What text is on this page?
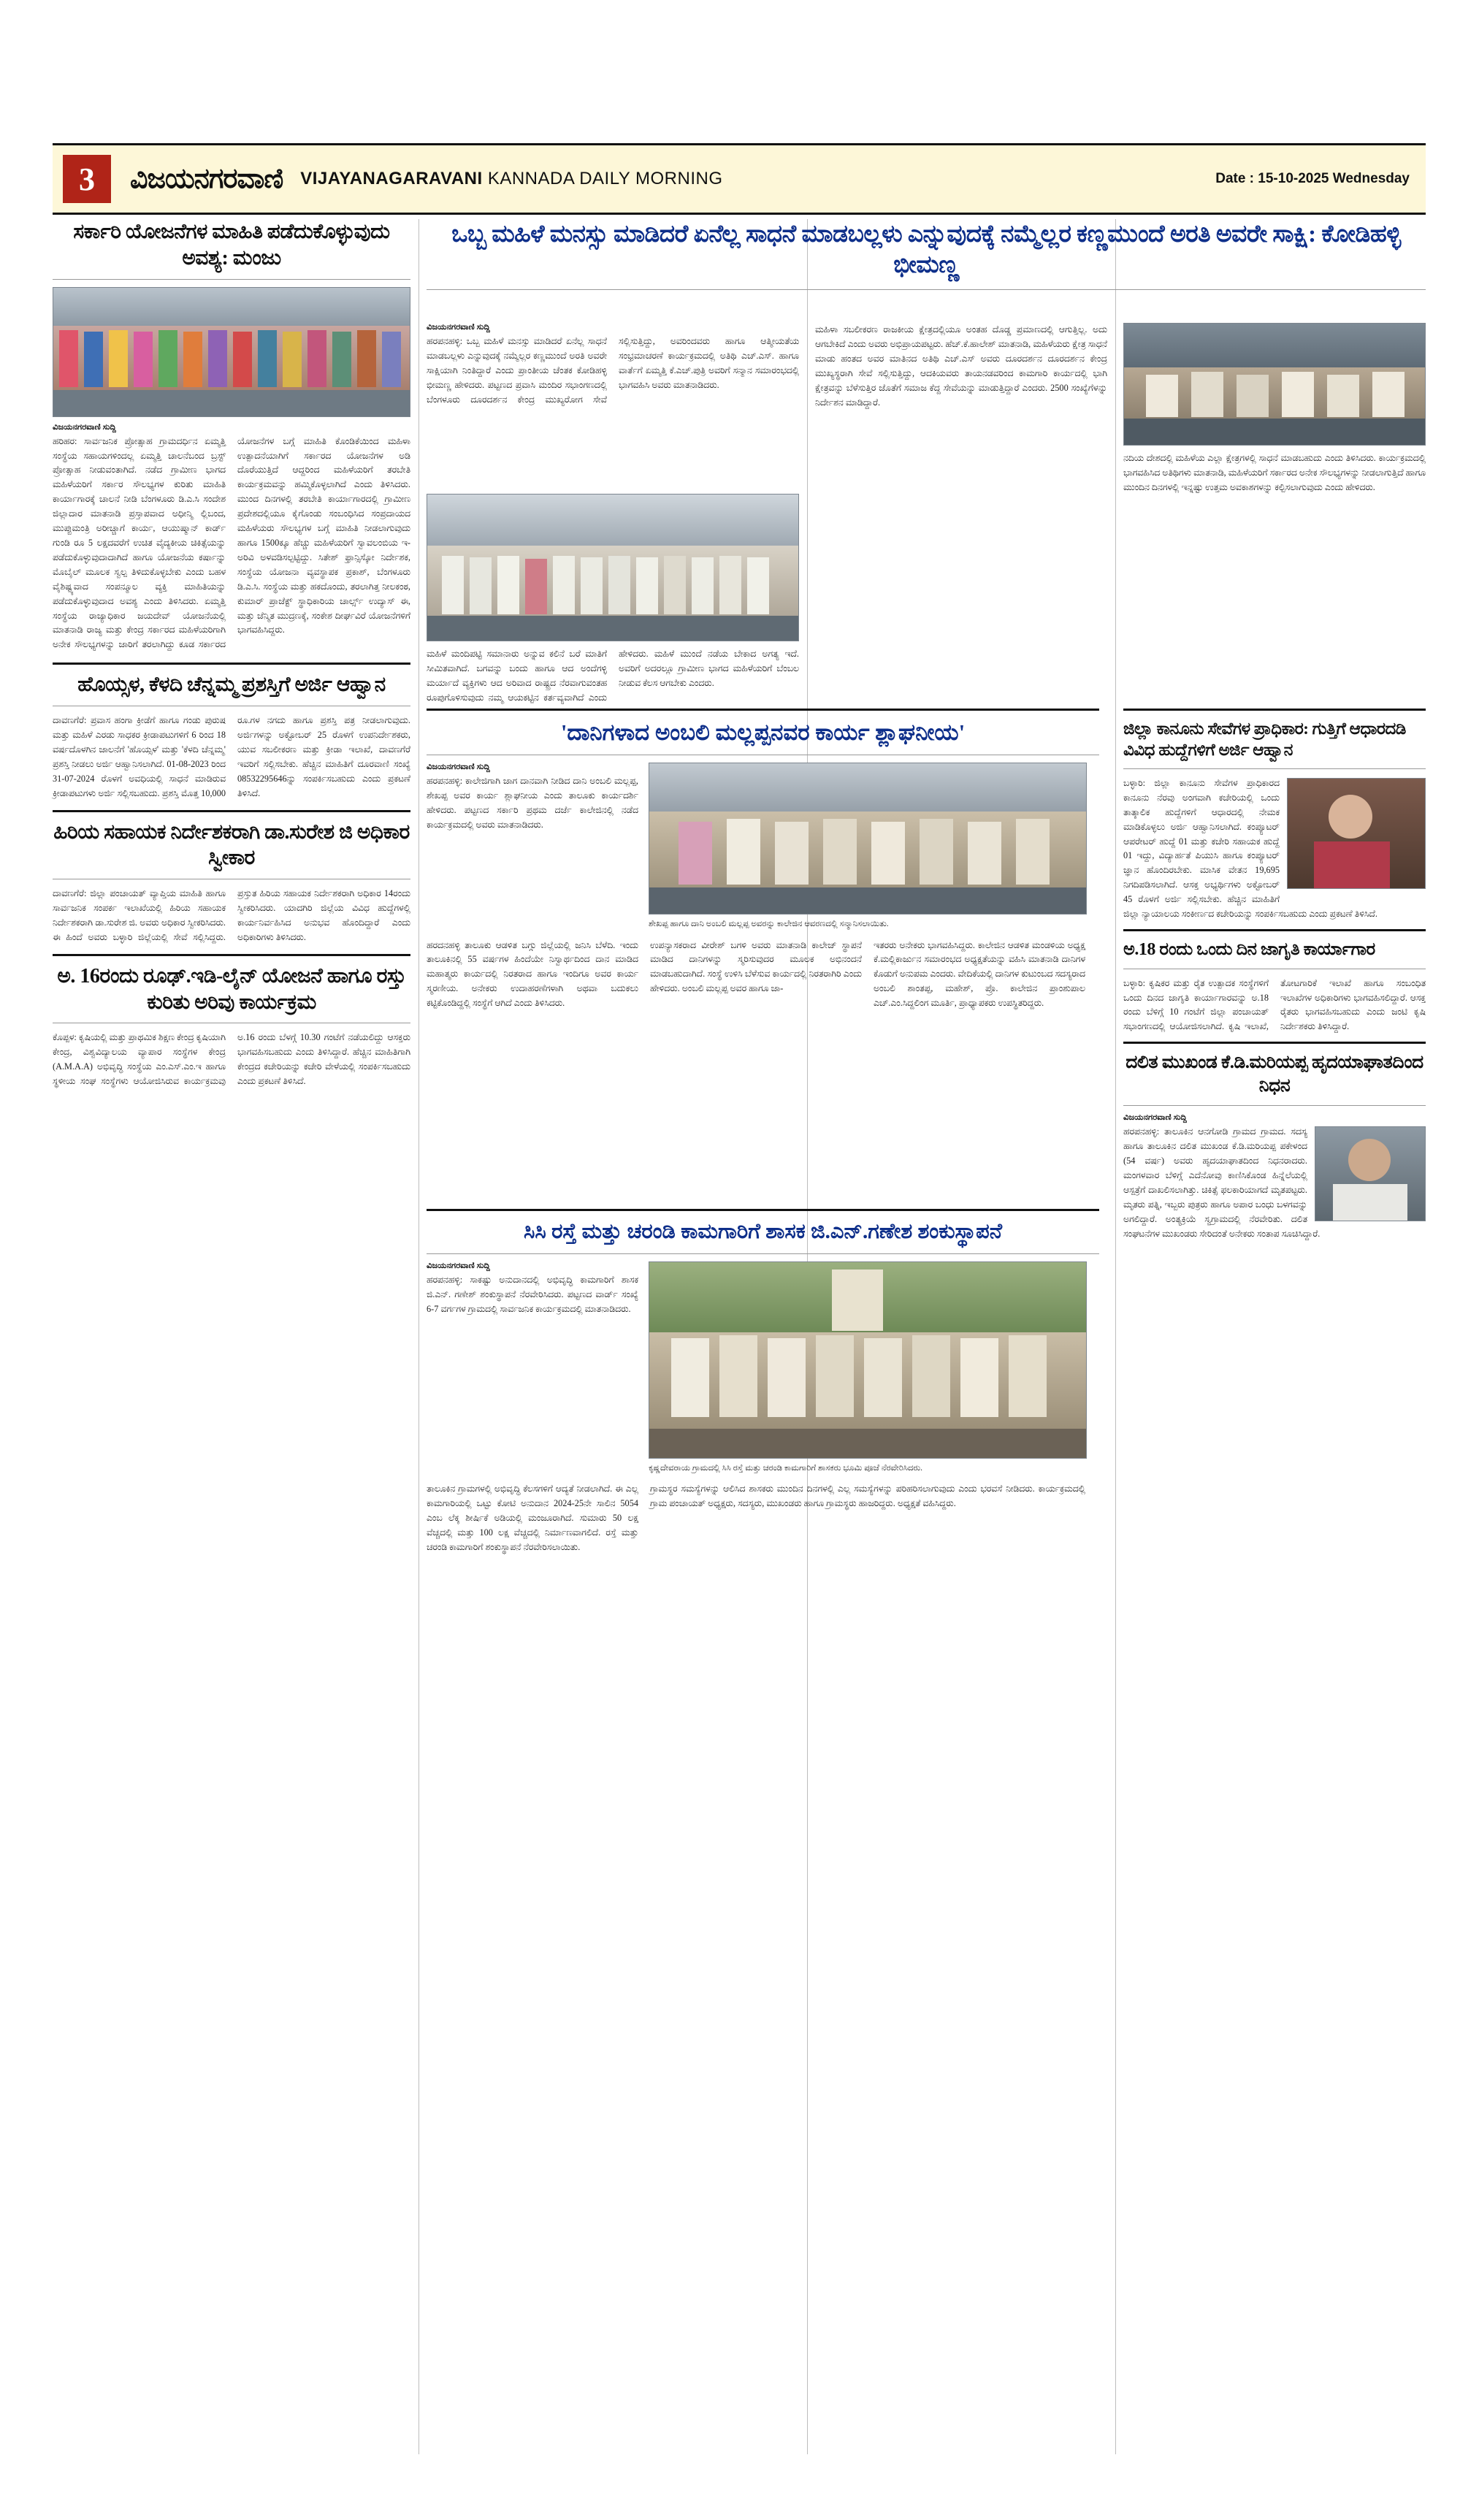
3	ವಿಜಯನಗರವಾಣಿ VIJAYANAGARAVANI KANNADA DAILY MORNING	Date : 15-10-2025 Wednesday
ಸರ್ಕಾರಿ ಯೋಜನೆಗಳ ಮಾಹಿತಿ ಪಡೆದುಕೊಳ್ಳುವುದು ಅವಶ್ಯ: ಮಂಜು
ವಿಜಯನಗರವಾಣಿ ಸುದ್ದಿ
ಹರಿಹರ: ಸಾರ್ವಜನಿಕ ಪ್ರೋತ್ಸಾಹ ಗ್ರಾಮದರ್ಧಿನ ಏಮ್ಮತ್ತಿ ಸಂಸ್ಥೆಯ ಸಹಾಯಗಳಿಂದಲ್ಲ ಏಮ್ಮತ್ತಿ ಚಾಲನೆಬಂದ ಬ್ರಸ್ಟ್ ಪ್ರೋತ್ಸಾಹ ನೀಡುವಂತಾಗಿದೆ. ನಡೆದ ಗ್ರಾಮೀಣ ಭಾಗದ ಮಹಿಳೆಯರಿಗೆ ಸರ್ಕಾರ ಸೌಲಭ್ಯಗಳ ಕುರಿತು ಮಾಹಿತಿ ಕಾರ್ಯಾಗಾರಕ್ಕೆ ಚಾಲನೆ ನೀಡಿ ಬೆಂಗಳೂರು ಡಿ.ಎ.ಸಿ ಸಂದೇಶ ಜಿಲ್ಲಾದಾರ ಮಾತನಾಡಿ ಪ್ರಸ್ತಾಪವಾದ ಅಧೀನ್ಮಿ ಲ್ಲಿಬಂದ, ಮುಪ್ಪುಮಂತ್ರಿ ಅರೀಚ್ಚಾಗೆ ಕಾರ್ಯ, ಆಯುಷ್ಮಾನ್ ಕಾರ್ಡ್ ಗುಂಡಿ ರೂ 5 ಲಕ್ಷದವರೆಗೆ ಉಚಿತ ವೈದ್ಯಕೀಯ ಚಿಕಿತ್ಸೆಯನ್ನು ಪಡೆದುಕೊಳ್ಳುವುದಾದಾಗಿದೆ ಹಾಗೂ ಯೋಜನೆಯ ಕರ್ಷಾನ್ನು ಮೊಬೈಲ್ ಮೂಲಕ ಸ್ವಲ್ಪ ತಿಳಿದುಕೊಳ್ಳಬೇಕು ಎಂದು ಬಹಳ ವೈಶಿಷ್ಟ್ಯವಾದ ಸಂಪನ್ಮೂಲ ವ್ಯಕ್ತಿ ಮಾಹಿತಿಯನ್ನು ಪಡೆದುಕೊಳ್ಳುವುದಾದ ಅವಶ್ಯ ಎಂದು ತಿಳಿಸಿದರು. ಏಮ್ಮತ್ತಿ ಸಂಸ್ಥೆಯ ರಾಜ್ಯಾಧಿಕಾರ ಜಯದೇವ್ ಯೋಜನೆಯಲ್ಲಿ ಮಾತನಾಡಿ ರಾಜ್ಯ ಮತ್ತು ಕೇಂದ್ರ ಸರ್ಕಾರದ ಮಹಿಳೆಯರಿಗಾಗಿ ಅನೇಕ ಸೌಲಭ್ಯಗಳನ್ನು ಜಾರಿಗೆ ತರಲಾಗಿದ್ದು ಕೂಡ ಸರ್ಕಾರದ ಯೋಜನೆಗಳ ಬಗ್ಗೆ ಮಾಹಿತಿ ಕೊಂಡಿಕೆಯಿಂದ ಮಹಿಳಾ ಉತ್ಪಾದನೆಯಾಗಿಗೆ ಸರ್ಕಾರದ ಯೋಜನೆಗಳ ಅಡಿ ದೊರೆಯುತ್ತಿದೆ ಆದ್ದರಿಂದ ಮಹಿಳೆಯರಿಗೆ ತರಬೇತಿ ಕಾರ್ಯಕ್ರಮವನ್ನು ಹಮ್ಮಿಕೊಳ್ಳಲಾಗಿದೆ ಎಂದು ತಿಳಿಸಿದರು. ಮುಂದ ದಿನಗಳಲ್ಲಿ ತರಬೇತಿ ಕಾರ್ಯಾಗಾರದಲ್ಲಿ ಗ್ರಾಮೀಣ ಪ್ರದೇಶದಲ್ಲಿಯೂ ಕೈಗೊಂಡು ಸಂಬಂಧಿಸಿದ ಸಂಪ್ರದಾಯದ ಮಹಿಳೆಯರು ಸೌಲಭ್ಯಗಳ ಬಗ್ಗೆ ಮಾಹಿತಿ ನೀಡಲಾಗುವುದು ಹಾಗೂ 1500ಕ್ಕೂ ಹೆಚ್ಚು ಮಹಿಳೆಯರಿಗೆ ಸ್ವಾವಲಂಬಿಯ ಇ- ಅರಿವಿ ಅಳವಡಿಸಲ್ಪಟ್ಟಿದ್ದು. ಸಿತೇಶ್ ಫ್ರಾನ್ಸಿಸ್ಕೋ ನಿರ್ದೇಶಕ, ಸಂಸ್ಥೆಯ ಯೋಜನಾ ವ್ಯವಸ್ಥಾಪಕ ಪ್ರಕಾಶ್, ಬೆಂಗಳೂರು ಡಿ.ಎ.ಸಿ. ಸಂಸ್ಥೆಯ ಮತ್ತು ಹಕದೊಂದು, ತರಲಾಗಿತ್ತ ನೀಲಕಂಠ, ಕುಮಾರ್ ಪ್ರಾಜೆಕ್ಟ್ ಸ್ಥಾಧಿಕಾರಿಯ ಚಾರ್ಲ್ಸ್ ಉದ್ಯಾಸ್ ಈ, ಮತ್ತು ಜೆನ್ಮಿತ ಮುದ್ರಣಕ್ಕೆ, ಸಂಕೇಶ ದೀರ್ಘವಿರೆ ಯೋಜನೆಗಳಿಗೆ ಭಾಗವಹಿಸಿದ್ದರು.
ಹೊಯ್ಸಳ, ಕೆಳದಿ ಚೆನ್ನಮ್ಮ ಪ್ರಶಸ್ತಿಗೆ ಅರ್ಜಿ ಆಹ್ವಾನ
ದಾವಣಗೆರೆ: ಪ್ರವಾಸ ಹಂಗಾ ಕ್ರೀಡೆಗೆ ಹಾಗೂ ಗಂಡು ಪುರುಷ ಮತ್ತು ಮಹಿಳೆ ಎರಡು ಸಾಧಕರ ಕ್ರೀಡಾಪಟುಗಳಿಗೆ 6 ರಿಂದ 18 ವರ್ಷದೊಳಗಿನ ಜಾಲನೆಗೆ 'ಹೊಯ್ಸಳ' ಮತ್ತು 'ಕೆಳದಿ ಚೆನ್ನಮ್ಮ' ಪ್ರಶಸ್ತಿ ನೀಡಲು ಅರ್ಜಿ ಆಹ್ವಾನಿಸಲಾಗಿದೆ. 01-08-2023 ರಿಂದ 31-07-2024 ರೊಳಗೆ ಅವಧಿಯಲ್ಲಿ ಸಾಧನೆ ಮಾಡಿರುವ ಕ್ರೀಡಾಪಟುಗಳು ಅರ್ಜಿ ಸಲ್ಲಿಸಬಹುದು. ಪ್ರಶಸ್ತಿ ಮೊತ್ತ 10,000 ರೂ.ಗಳ ನಗದು ಹಾಗೂ ಪ್ರಶಸ್ತಿ ಪತ್ರ ನೀಡಲಾಗುವುದು. ಅರ್ಜಿಗಳನ್ನು ಅಕ್ಟೋಬರ್ 25 ರೊಳಗೆ ಉಪನಿರ್ದೇಶಕರು, ಯುವ ಸಬಲೀಕರಣ ಮತ್ತು ಕ್ರೀಡಾ ಇಲಾಖೆ, ದಾವಣಗೆರೆ ಇವರಿಗೆ ಸಲ್ಲಿಸಬೇಕು. ಹೆಚ್ಚಿನ ಮಾಹಿತಿಗೆ ದೂರವಾಣಿ ಸಂಖ್ಯೆ 08532295646ನ್ನು ಸಂಪರ್ಕಿಸಬಹುದು ಎಂದು ಪ್ರಕಟಣೆ ತಿಳಿಸಿದೆ.
ಹಿರಿಯ ಸಹಾಯಕ ನಿರ್ದೇಶಕರಾಗಿ ಡಾ.ಸುರೇಶ ಜಿ ಅಧಿಕಾರ ಸ್ವೀಕಾರ
ದಾವಣಗೆರೆ: ಜಿಲ್ಲಾ ಪಂಚಾಯತ್ ವ್ಯಾಪ್ತಿಯ ಮಾಹಿತಿ ಹಾಗೂ ಸಾರ್ವಜನಿಕ ಸಂಪರ್ಕ ಇಲಾಖೆಯಲ್ಲಿ ಹಿರಿಯ ಸಹಾಯಕ ನಿರ್ದೇಶಕರಾಗಿ ಡಾ.ಸುರೇಶ ಜಿ. ಅವರು ಅಧಿಕಾರ ಸ್ವೀಕರಿಸಿದರು. ಈ ಹಿಂದೆ ಅವರು ಬಳ್ಳಾರಿ ಜಿಲ್ಲೆಯಲ್ಲಿ ಸೇವೆ ಸಲ್ಲಿಸಿದ್ದರು. ಪ್ರಸ್ತುತ ಹಿರಿಯ ಸಹಾಯಕ ನಿರ್ದೇಶಕರಾಗಿ ಅಧಿಕಾರ 14ರಂದು ಸ್ವೀಕರಿಸಿದರು. ಯಾದಗಿರಿ ಜಿಲ್ಲೆಯ ವಿವಿಧ ಹುದ್ದೆಗಳಲ್ಲಿ ಕಾರ್ಯನಿರ್ವಹಿಸಿದ ಅನುಭವ ಹೊಂದಿದ್ದಾರೆ ಎಂದು ಅಧಿಕಾರಿಗಳು ತಿಳಿಸಿದರು.
ಅ. 16ರಂದು ರೂಢ್.ಇಡಿ-ಲೈನ್ ಯೋಜನೆ ಹಾಗೂ ರಸ್ತು ಕುರಿತು ಅರಿವು ಕಾರ್ಯಕ್ರಮ
ಕೊಪ್ಪಳ: ಕೃಷಿಯಲ್ಲಿ ಮತ್ತು ಪ್ರಾಥಮಿಕ ಶಿಕ್ಷಣ ಕೇಂದ್ರ ಕೃಷಿಯಾಗಿ ಕೇಂದ್ರ, ವಿಶ್ವವಿದ್ಯಾಲಯ ವ್ಯಾಪಾರ ಸಂಸ್ಥೆಗಳ ಕೇಂದ್ರ (A.M.A.A) ಅಭಿವೃದ್ಧಿ ಸಂಸ್ಥೆಯ ಎಂ.ಎಸ್.ಎಂ.ಇ ಹಾಗೂ ಸ್ಥಳೀಯ ಸಂಘ ಸಂಸ್ಥೆಗಳು ಆಯೋಜಿಸಿರುವ ಕಾರ್ಯಕ್ರಮವು ಅ.16 ರಂದು ಬೆಳಗ್ಗೆ 10.30 ಗಂಟೆಗೆ ನಡೆಯಲಿದ್ದು ಆಸಕ್ತರು ಭಾಗವಹಿಸಬಹುದು ಎಂದು ತಿಳಿಸಿದ್ದಾರೆ. ಹೆಚ್ಚಿನ ಮಾಹಿತಿಗಾಗಿ ಕೇಂದ್ರದ ಕಚೇರಿಯನ್ನು ಕಚೇರಿ ವೇಳೆಯಲ್ಲಿ ಸಂಪರ್ಕಿಸಬಹುದು ಎಂದು ಪ್ರಕಟಣೆ ತಿಳಿಸಿದೆ.
ಒಬ್ಬ ಮಹಿಳೆ ಮನಸ್ಸು ಮಾಡಿದರೆ ಏನೆಲ್ಲ ಸಾಧನೆ ಮಾಡಬಲ್ಲಳು ಎನ್ನುವುದಕ್ಕೆ ನಮ್ಮೆಲ್ಲರ ಕಣ್ಣಮುಂದೆ ಅರತಿ ಅವರೇ ಸಾಕ್ಷಿ: ಕೋಡಿಹಳ್ಳಿ ಭೀಮಣ್ಣ
ವಿಜಯನಗರವಾಣಿ ಸುದ್ದಿ
ಹರಪನಹಳ್ಳಿ: ಒಬ್ಬ ಮಹಿಳೆ ಮನಸ್ಸು ಮಾಡಿದರೆ ಏನೆಲ್ಲ ಸಾಧನೆ ಮಾಡಬಲ್ಲಳು ಎನ್ನುವುದಕ್ಕೆ ನಮ್ಮೆಲ್ಲರ ಕಣ್ಣಮುಂದೆ ಅರತಿ ಅವರೇ ಸಾಕ್ಷಿಯಾಗಿ ನಿಂತಿದ್ದಾರೆ ಎಂದು ಪ್ರಾಂತೀಯ ಚೆಂತಕ ಕೋಡಿಹಳ್ಳಿ ಭೀಮಣ್ಣ ಹೇಳಿದರು. ಪಟ್ಟಣದ ಪ್ರವಾಸಿ ಮಂದಿರ ಸಭಾಂಗಣದಲ್ಲಿ ಬೆಂಗಳೂರು ದೂರದರ್ಶನ ಕೇಂದ್ರ ಮುಖ್ಯರೋಗ ಸೇವೆ ಸಲ್ಲಿಸುತ್ತಿದ್ದು, ಅವರಿಂದವರು ಹಾಗೂ ಆತ್ಮೀಯತೆಯ ಸಂಭ್ರಮಾಚರಣೆ ಕಾರ್ಯಕ್ರಮದಲ್ಲಿ ಅತಿಥಿ ಎಚ್.ಎಸ್. ಹಾಗೂ ವಾರ್ತೆಗೆ ಏಮ್ಮತ್ತಿ ಕೆ.ಎಚ್.ಪುತ್ರಿ ಅವರಿಗೆ ಸನ್ಮಾನ ಸಮಾರಂಭದಲ್ಲಿ ಭಾಗವಹಿಸಿ ಅವರು ಮಾತನಾಡಿದರು.
ಮಹಿಳೆ ಮಂದಿಪಟ್ಟಿ ಸಮಾನಾರು ಅನ್ನುವ ಕಲಿನೆ ಬರೆ ಮಾತಿಗೆ ಸೀಮಿತವಾಗಿದೆ. ಬಗವನ್ನು ಬಂದು ಹಾಗೂ ಆದ ಅಂದೆಗಳ್ಳಿ ಮರ್ಯಾದೆ ವ್ಯಕ್ತಿಗಳು ಆದ ಅರಿವಾದ ರಾಷ್ಟ್ರದ ನೆರವಾಗುವಂತಹ ರೂಪುಗೊಳಿಸುವುದು ನಮ್ಮ ಆಯಕಟ್ಟಿನ ಕರ್ತವ್ಯವಾಗಿದೆ ಎಂದು ಹೇಳಿದರು. ಮಹಿಳೆ ಮುಂದೆ ನಡೆಯ ಬೇಕಾದ ಅಗತ್ಯ ಇದೆ. ಅವರಿಗೆ ಅದರಲ್ಲೂ ಗ್ರಾಮೀಣ ಭಾಗದ ಮಹಿಳೆಯರಿಗೆ ಬೆಂಬಲ ನೀಡುವ ಕೆಲಸ ಆಗಬೇಕು ಎಂದರು.
ಮಹಿಳಾ ಸಬಲೀಕರಣ ರಾಜಕೀಯ ಕ್ಷೇತ್ರದಲ್ಲಿಯೂ ಅಂತಹ ದೊಡ್ಡ ಪ್ರಮಾಣದಲ್ಲಿ ಆಗುತ್ತಿಲ್ಲ. ಅದು ಆಗಬೇಕಿದೆ ಎಂದು ಅವರು ಅಭಿಪ್ರಾಯಪಟ್ಟರು. ಹೆಚ್.ಕೆ.ಹಾಲೇಶ್ ಮಾತನಾಡಿ, ಮಹಿಳೆಯರು ಕ್ಷೇತ್ರ ಸಾಧನೆ ಮಾಡು ಹಂತದ ಅವರ ಮಾತಿನದ ಅತಿಥಿ ಎಚ್.ಎಸ್ ಅವರು ದೂರದರ್ಶನ ದೂರದರ್ಶನ ಕೇಂದ್ರ ಮುಖ್ಯಸ್ಥರಾಗಿ ಸೇವೆ ಸಲ್ಲಿಸುತ್ತಿದ್ದು, ಆದಕಿಯವರು ತಾಯನಡವರಿಂದ ಕಾಮಗಾರಿ ಕಾರ್ಯದಲ್ಲಿ ಭಾಗಿ ಕ್ಷೇತ್ರವನ್ನು ಬೆಳೆಸುತ್ತಿರ ಜೊತೆಗೆ ಸಮಾಜ ಕೆದ್ದ ಸೇವೆಯನ್ನು ಮಾಡುತ್ತಿದ್ದಾರೆ ಎಂದರು. 2500 ಸಂಖ್ಯೆಗೆಳನ್ನು ನಿರ್ದೇಶನ ಮಾಡಿದ್ದಾರೆ.
ನದಿಯ ದೇಶದಲ್ಲಿ ಮಹಿಳೆಯ ಎಲ್ಲಾ ಕ್ಷೇತ್ರಗಳಲ್ಲಿ ಸಾಧನೆ ಮಾಡಬಹುದು ಎಂದು ತಿಳಿಸಿದರು. ಕಾರ್ಯಕ್ರಮದಲ್ಲಿ ಭಾಗವಹಿಸಿದ ಅತಿಥಿಗಳು ಮಾತನಾಡಿ, ಮಹಿಳೆಯರಿಗೆ ಸರ್ಕಾರದ ಅನೇಕ ಸೌಲಭ್ಯಗಳನ್ನು ನೀಡಲಾಗುತ್ತಿದೆ ಹಾಗೂ ಮುಂದಿನ ದಿನಗಳಲ್ಲಿ ಇನ್ನಷ್ಟು ಉತ್ತಮ ಅವಕಾಶಗಳನ್ನು ಕಲ್ಪಿಸಲಾಗುವುದು ಎಂದು ಹೇಳಿದರು.
'ದಾನಿಗಳಾದ ಅಂಬಲಿ ಮಲ್ಲಪ್ಪನವರ ಕಾರ್ಯ ಶ್ಲಾಘನೀಯ'
ವಿಜಯನಗರವಾಣಿ ಸುದ್ದಿ
ಹರಪನಹಳ್ಳಿ: ಕಾಲೇಜಿಗಾಗಿ ಜಾಗ ದಾನವಾಗಿ ನೀಡಿದ ದಾನಿ ಅಂಬಲಿ ಮಲ್ಲಪ್ಪ, ಶೇಖಪ್ಪ ಅವರ ಕಾರ್ಯ ಶ್ಲಾಘನೀಯ ಎಂದು ತಾಲೂಕು ಕಾರ್ಯದರ್ಶಿ ಹೇಳಿದರು. ಪಟ್ಟಣದ ಸರ್ಕಾರಿ ಪ್ರಥಮ ದರ್ಜೆ ಕಾಲೇಜಿನಲ್ಲಿ ನಡೆದ ಕಾರ್ಯಕ್ರಮದಲ್ಲಿ ಅವರು ಮಾತನಾಡಿದರು.
ಶೇಖಪ್ಪ ಹಾಗೂ ದಾನಿ ಅಂಬಲಿ ಮಲ್ಲಪ್ಪ ಅವರನ್ನು ಕಾಲೇಜಿನ ಆವರಣದಲ್ಲಿ ಸನ್ಮಾನಿಸಲಾಯಿತು.
ಹರದನಹಳ್ಳಿ ತಾಲೂಕು ಆಡಳಿತ ಬಗ್ಗು ಜಿಲ್ಲೆಯಲ್ಲಿ ಜನಿಸಿ ಬೆಳೆದಿ. ಇಂದು ತಾಲೂಕಿನಲ್ಲಿ 55 ವರ್ಷಗಳ ಹಿಂದೆಯೇ ನಿಸ್ವಾರ್ಥದಿಂದ ದಾನ ಮಾಡಿದ ಮಹಾತ್ಮರು ಕಾರ್ಯದಲ್ಲಿ ನಿರತರಾದ ಹಾಗೂ ಇಂದಿಗೂ ಅವರ ಕಾರ್ಯ ಸ್ಮರಣೀಯ. ಅನೇಕರು ಉದಾಹರಣೆಗಳಾಗಿ ಅಥವಾ ಬದುಕಲು ಕಟ್ಟಿಕೊಂಡಿದ್ದಲ್ಲಿ ಸಂಸ್ಥೆಗೆ ಆಗಿದೆ ಎಂದು ತಿಳಿಸಿದರು.
ಉಪನ್ಯಾಸಕರಾದ ವೀರೇಶ್ ಬಗಳಿ ಅವರು ಮಾತನಾಡಿ ಕಾಲೇಜ್ ಸ್ಥಾಪನೆ ಮಾಡಿದ ದಾನಿಗಳನ್ನು ಸ್ಮರಿಸುವುದರ ಮೂಲಕ ಅಭಿನಂದನೆ ಮಾಡಬಹುದಾಗಿದೆ. ಸಂಸ್ಥೆ ಉಳಿಸಿ ಬೆಳೆಸುವ ಕಾರ್ಯದಲ್ಲಿ ನಿರತರಾಗಿರಿ ಎಂದು ಹೇಳಿದರು. ಅಂಬಲಿ ಮಲ್ಲಪ್ಪ ಅವರ ಹಾಗೂ ಜಾ-
ಇತರರು ಅನೇಕರು ಭಾಗವಹಿಸಿದ್ದರು. ಕಾಲೇಜಿನ ಆಡಳಿತ ಮಂಡಳಿಯ ಅಧ್ಯಕ್ಷ ಕೆ.ಮಲ್ಲಿಕಾರ್ಜುನ ಸಮಾರಂಭದ ಅಧ್ಯಕ್ಷತೆಯನ್ನು ವಹಿಸಿ ಮಾತನಾಡಿ ದಾನಿಗಳ ಕೊಡುಗೆ ಅನುಪಮ ಎಂದರು. ವೇದಿಕೆಯಲ್ಲಿ ದಾನಿಗಳ ಕುಟುಂಬದ ಸದಸ್ಯರಾದ ಅಂಬಲಿ ಶಾಂತಪ್ಪ, ಮಹೇಶ್, ಪ್ರೊ. ಕಾಲೇಜಿನ ಪ್ರಾಂಶುಪಾಲ ಎಚ್.ಎಂ.ಸಿದ್ದಲಿಂಗ ಮೂರ್ತಿ, ಪ್ರಾಧ್ಯಾಪಕರು ಉಪಸ್ಥಿತರಿದ್ದರು.
ಜಿಲ್ಲಾ ಕಾನೂನು ಸೇವೆಗಳ ಪ್ರಾಧಿಕಾರ: ಗುತ್ತಿಗೆ ಆಧಾರದಡಿ ವಿವಿಧ ಹುದ್ದೆಗಳಿಗೆ ಅರ್ಜಿ ಆಹ್ವಾನ
ಬಳ್ಳಾರಿ: ಜಿಲ್ಲಾ ಕಾನೂನು ಸೇವೆಗಳ ಪ್ರಾಧಿಕಾರದ ಕಾನೂನು ನೆರವು ಅಂಗವಾಗಿ ಕಚೇರಿಯಲ್ಲಿ ಒಂದು ತಾತ್ಕಾಲಿಕ ಹುದ್ದೆಗಳಿಗೆ ಆಧಾರದಲ್ಲಿ ನೇಮಕ ಮಾಡಿಕೊಳ್ಳಲು ಅರ್ಜಿ ಆಹ್ವಾನಿಸಲಾಗಿದೆ. ಕಂಪ್ಯೂಟರ್ ಆಪರೇಟರ್ ಹುದ್ದೆ 01 ಮತ್ತು ಕಚೇರಿ ಸಹಾಯಕ ಹುದ್ದೆ 01 ಇದ್ದು, ವಿದ್ಯಾರ್ಹತೆ ಪಿಯುಸಿ ಹಾಗೂ ಕಂಪ್ಯೂಟರ್ ಜ್ಞಾನ ಹೊಂದಿರಬೇಕು. ಮಾಸಿಕ ವೇತನ 19,695 ನಿಗದಿಪಡಿಸಲಾಗಿದೆ. ಆಸಕ್ತ ಅಭ್ಯರ್ಥಿಗಳು ಅಕ್ಟೋಬರ್ 45 ರೊಳಗೆ ಅರ್ಜಿ ಸಲ್ಲಿಸಬೇಕು. ಹೆಚ್ಚಿನ ಮಾಹಿತಿಗೆ ಜಿಲ್ಲಾ ನ್ಯಾಯಾಲಯ ಸಂಕೀರ್ಣದ ಕಚೇರಿಯನ್ನು ಸಂಪರ್ಕಿಸಬಹುದು ಎಂದು ಪ್ರಕಟಣೆ ತಿಳಿಸಿದೆ.
ಅ.18 ರಂದು ಒಂದು ದಿನ ಜಾಗೃತಿ ಕಾರ್ಯಾಗಾರ
ಬಳ್ಳಾರಿ: ಕೃಷಿಕರ ಮತ್ತು ರೈತ ಉತ್ಪಾದಕ ಸಂಸ್ಥೆಗಳಿಗೆ ಒಂದು ದಿನದ ಜಾಗೃತಿ ಕಾರ್ಯಾಗಾರವನ್ನು ಅ.18 ರಂದು ಬೆಳಿಗ್ಗೆ 10 ಗಂಟೆಗೆ ಜಿಲ್ಲಾ ಪಂಚಾಯತ್ ಸಭಾಂಗಣದಲ್ಲಿ ಆಯೋಜಿಸಲಾಗಿದೆ. ಕೃಷಿ ಇಲಾಖೆ, ತೋಟಗಾರಿಕೆ ಇಲಾಖೆ ಹಾಗೂ ಸಂಬಂಧಿತ ಇಲಾಖೆಗಳ ಅಧಿಕಾರಿಗಳು ಭಾಗವಹಿಸಲಿದ್ದಾರೆ. ಆಸಕ್ತ ರೈತರು ಭಾಗವಹಿಸಬಹುದು ಎಂದು ಜಂಟಿ ಕೃಷಿ ನಿರ್ದೇಶಕರು ತಿಳಿಸಿದ್ದಾರೆ.
ದಲಿತ ಮುಖಂಡ ಕೆ.ಡಿ.ಮರಿಯಪ್ಪ ಹೃದಯಾಘಾತದಿಂದ ನಿಧನ
ವಿಜಯನಗರವಾಣಿ ಸುದ್ದಿ
ಹರಪನಹಳ್ಳಿ: ತಾಲೂಕಿನ ಆನಗೋಡಿ ಗ್ರಾಮದ ಗ್ರಾಮದ. ಸದಸ್ಯ ಹಾಗೂ ತಾಲೂಕಿನ ದಲಿತ ಮುಖಂಡ ಕೆ.ಡಿ.ಮರಿಯಪ್ಪ ಪಕೇಳಂದ (54 ವರ್ಷ) ಅವರು ಹೃದಯಾಘಾತದಿಂದ ನಿಧನರಾದರು. ಮಂಗಳವಾರ ಬೆಳಿಗ್ಗೆ ಎದೆನೋವು ಕಾಣಿಸಿಕೊಂಡ ಹಿನ್ನೆಲೆಯಲ್ಲಿ ಆಸ್ಪತ್ರೆಗೆ ದಾಖಲಿಸಲಾಗಿತ್ತು. ಚಿಕಿತ್ಸೆ ಫಲಕಾರಿಯಾಗದೆ ಮೃತಪಟ್ಟರು. ಮೃತರು ಪತ್ನಿ, ಇಬ್ಬರು ಪುತ್ರರು ಹಾಗೂ ಅಪಾರ ಬಂಧು ಬಳಗವನ್ನು ಅಗಲಿದ್ದಾರೆ. ಅಂತ್ಯಕ್ರಿಯೆ ಸ್ವಗ್ರಾಮದಲ್ಲಿ ನೆರವೇರಿತು. ದಲಿತ ಸಂಘಟನೆಗಳ ಮುಖಂಡರು ಸೇರಿದಂತೆ ಅನೇಕರು ಸಂತಾಪ ಸೂಚಿಸಿದ್ದಾರೆ.
ಸಿಸಿ ರಸ್ತೆ ಮತ್ತು ಚರಂಡಿ ಕಾಮಗಾರಿಗೆ ಶಾಸಕ ಜಿ.ಎನ್.ಗಣೇಶ ಶಂಕುಸ್ಥಾಪನೆ
ವಿಜಯನಗರವಾಣಿ ಸುದ್ದಿ
ಹರಪನಹಳ್ಳಿ: ಸಾಕಷ್ಟು ಅನುದಾನದಲ್ಲಿ ಅಭಿವೃದ್ಧಿ ಕಾಮಗಾರಿಗೆ ಶಾಸಕ ಜಿ.ಎನ್. ಗಣೇಶ್ ಶಂಕುಸ್ಥಾಪನೆ ನೆರವೇರಿಸಿದರು. ಪಟ್ಟಣದ ವಾರ್ಡ್ ಸಂಖ್ಯೆ 6-7 ವರ್ಗಗಳ ಗ್ರಾಮದಲ್ಲಿ ಸಾರ್ವಜನಿಕ ಕಾರ್ಯಕ್ರಮದಲ್ಲಿ ಮಾತನಾಡಿದರು.
ಕೃಷ್ಣದೇವರಾಯ ಗ್ರಾಮದಲ್ಲಿ ಸಿಸಿ ರಸ್ತೆ ಮತ್ತು ಚರಂಡಿ ಕಾಮಗಾರಿಗೆ ಶಾಸಕರು ಭೂಮಿ ಪೂಜೆ ನೆರವೇರಿಸಿದರು.
ತಾಲೂಕಿನ ಗ್ರಾಮಗಳಲ್ಲಿ ಅಭಿವೃದ್ಧಿ ಕೆಲಸಗಳಿಗೆ ಆದ್ಯತೆ ನೀಡಲಾಗಿದೆ. ಈ ಎಲ್ಲ ಕಾಮಗಾರಿಯಲ್ಲಿ ಒಟ್ಟು ಕೋಟಿ ಅನುದಾನ 2024-25ನೇ ಸಾಲಿನ 5054 ಎಂಬ ಲೆಕ್ಕ ಶೀರ್ಷಿಕೆ ಅಡಿಯಲ್ಲಿ ಮಂಜೂರಾಗಿದೆ. ಸುಮಾರು 50 ಲಕ್ಷ ವೆಚ್ಚದಲ್ಲಿ ಮತ್ತು 100 ಲಕ್ಷ ವೆಚ್ಚದಲ್ಲಿ ನಿರ್ಮಾಣವಾಗಲಿದೆ. ರಸ್ತೆ ಮತ್ತು ಚರಂಡಿ ಕಾಮಗಾರಿಗೆ ಶಂಕುಸ್ಥಾಪನೆ ನೆರವೇರಿಸಲಾಯಿತು.
ಗ್ರಾಮಸ್ಥರ ಸಮಸ್ಯೆಗಳನ್ನು ಆಲಿಸಿದ ಶಾಸಕರು ಮುಂದಿನ ದಿನಗಳಲ್ಲಿ ಎಲ್ಲ ಸಮಸ್ಯೆಗಳನ್ನು ಪರಿಹರಿಸಲಾಗುವುದು ಎಂದು ಭರವಸೆ ನೀಡಿದರು. ಕಾರ್ಯಕ್ರಮದಲ್ಲಿ ಗ್ರಾಮ ಪಂಚಾಯತ್ ಅಧ್ಯಕ್ಷರು, ಸದಸ್ಯರು, ಮುಖಂಡರು ಹಾಗೂ ಗ್ರಾಮಸ್ಥರು ಹಾಜರಿದ್ದರು. ಅಧ್ಯಕ್ಷತೆ ವಹಿಸಿದ್ದರು.
